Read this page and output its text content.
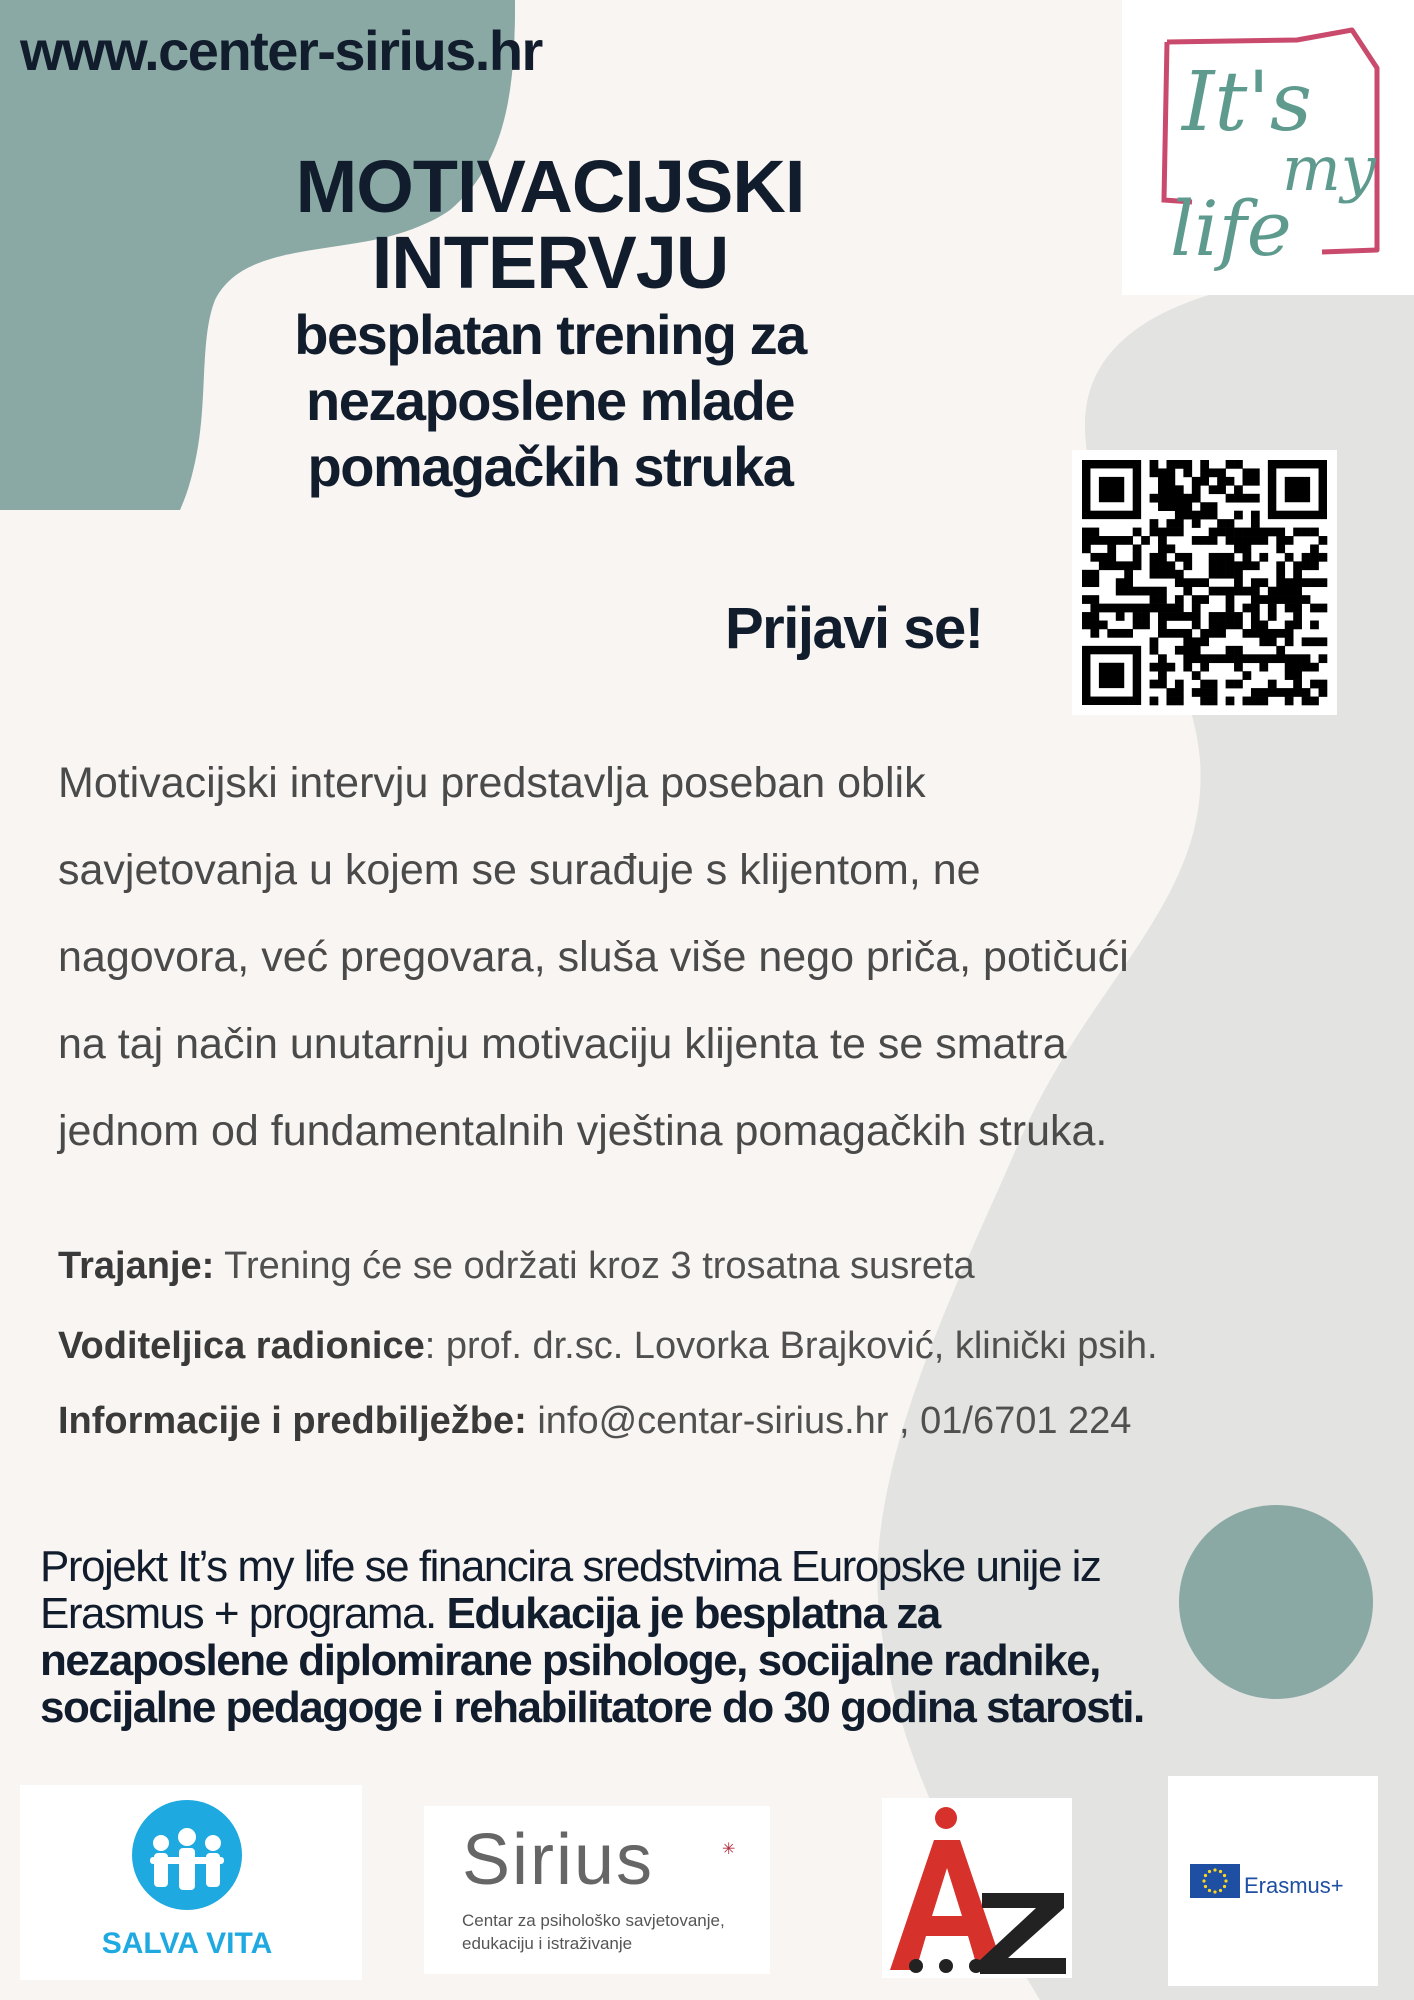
www.center-sirius.hr
MOTIVACIJSKI
INTERVJU
besplatan trening za
nezaposlene mlade
pomagačkih struka
It's
my
life
Prijavi se!
Motivacijski intervju predstavlja poseban oblik
savjetovanja u kojem se surađuje s klijentom, ne
nagovora, već pregovara, sluša više nego priča, potičući
na taj način unutarnju motivaciju klijenta te se smatra
jednom od fundamentalnih vještina pomagačkih struka.
Trajanje: Trening će se održati kroz 3 trosatna susreta
Voditeljica radionice: prof. dr.sc. Lovorka Brajković, klinički psih.
Informacije i predbilježbe: info@centar-sirius.hr , 01/6701 224
Projekt It’s my life se financira sredstvima Europske unije iz Erasmus + programa. Edukacija je besplatna za nezaposlene diplomirane psihologe, socijalne radnike, socijalne pedagoge i rehabilitatore do 30 godina starosti.
SALVA VITA
Sirius	✳
Centar za psihološko savjetovanje,
edukaciju i istraživanje
Erasmus+
